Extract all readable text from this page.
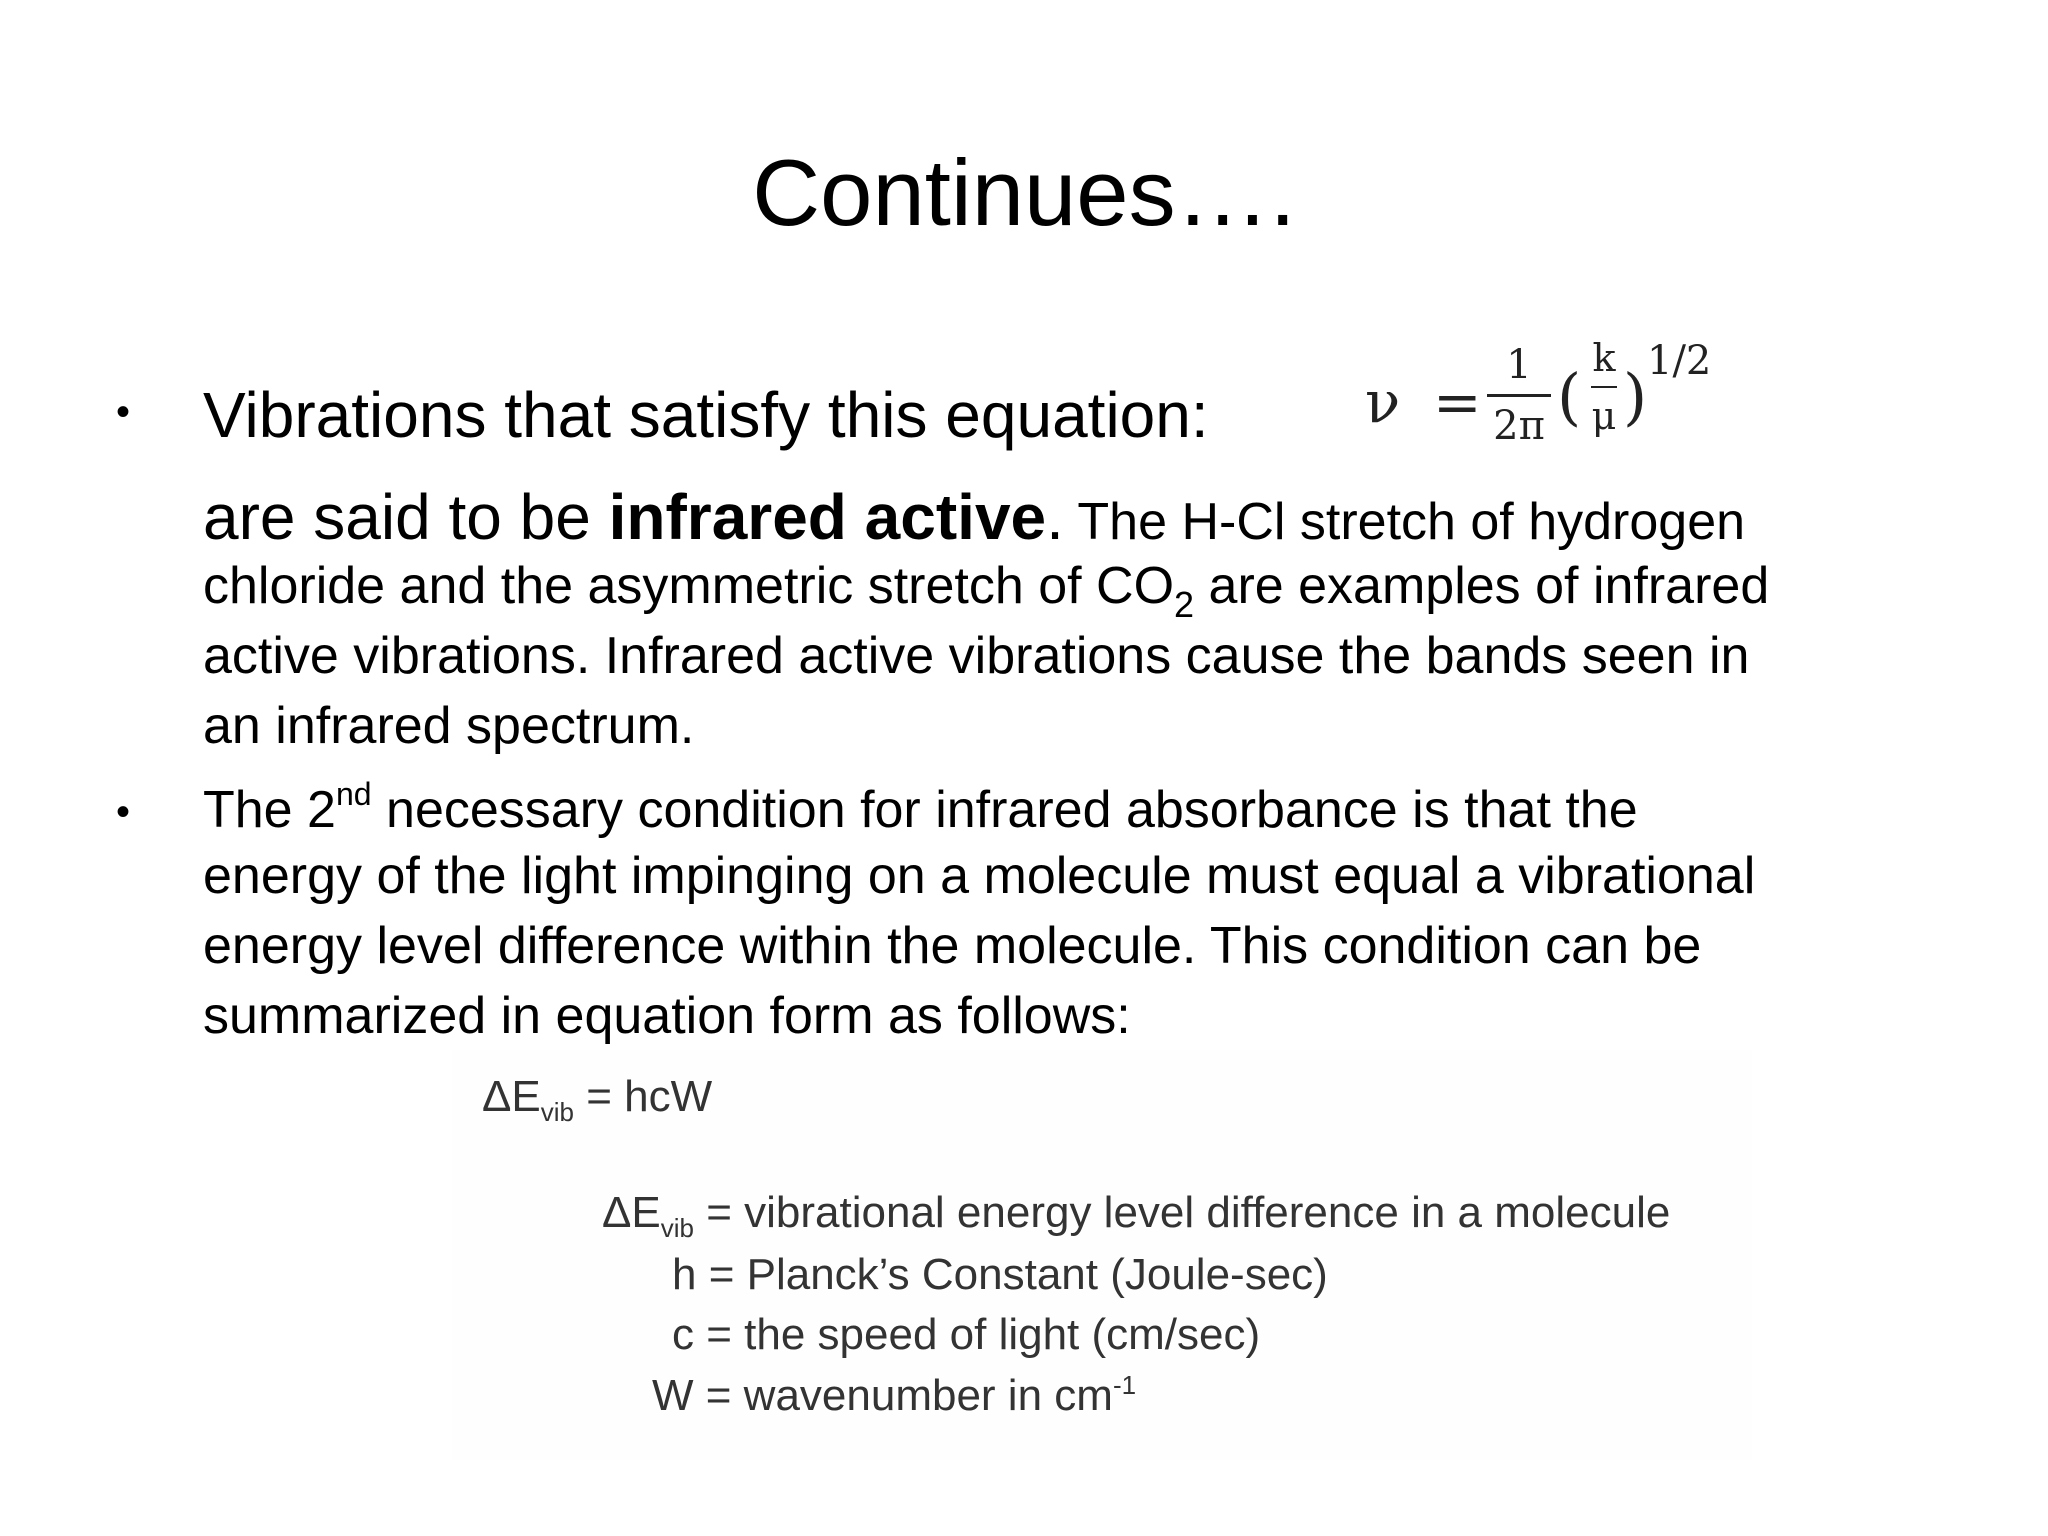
Continues….
• Vibrations that satisfy this equation:	ν =
1
2π (
k
μ ) 1/2
are said to be infrared active. The H-Cl stretch of hydrogen
chloride and the asymmetric stretch of $CO_2$ are examples of infrared
active vibrations. Infrared active vibrations cause the bands seen in
an infrared spectrum.
• The 2nd necessary condition for infrared absorbance is that the
energy of the light impinging on a molecule must equal a vibrational
energy level difference within the molecule. This condition can be
summarized in equation form as follows:
$\Delta E_{vib}$ = hcW
$\Delta E_{vib}$ = vibrational energy level difference in a molecule
h = Planck’s Constant (Joule-sec)
c = the speed of light (cm/sec)
W = wavenumber in $cm^{-1}$
